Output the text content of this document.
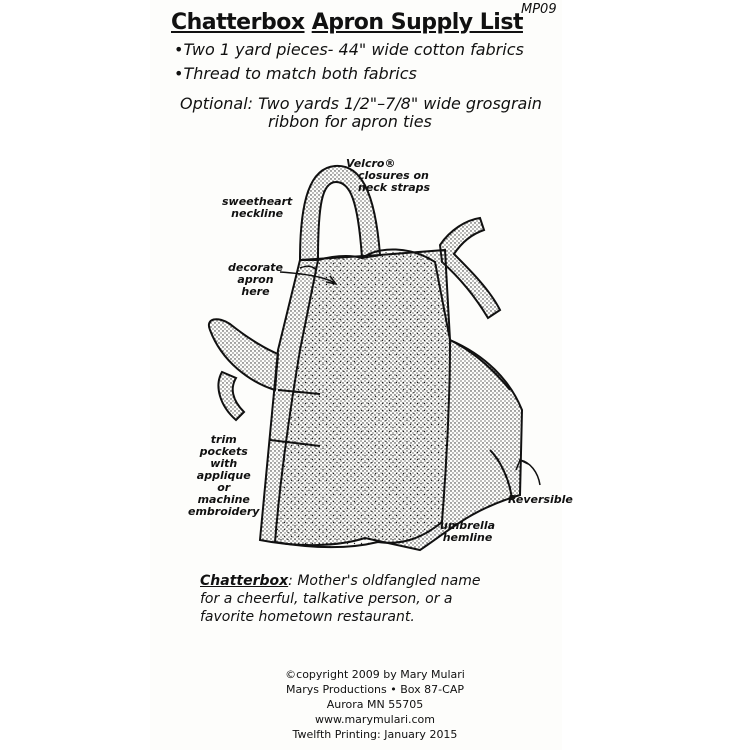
MP09
Chatterbox Apron Supply List
•Two 1 yard pieces- 44" wide cotton fabrics
•Thread to match both fabrics
Optional: Two yards 1/2"–7/8" wide grosgrain
ribbon for apron ties
Velcro®
closures on
neck straps
sweetheart
neckline
decorate
apron
here
trim
pockets
with
applique
or
machine
embroidery
Reversible
umbrella
hemline
Chatterbox: Mother's oldfangled name
for a cheerful, talkative person, or a
favorite hometown restaurant.
©copyright 2009 by Mary Mulari
Marys Productions • Box 87-CAP
Aurora MN 55705
www.marymulari.com
Twelfth Printing: January 2015
